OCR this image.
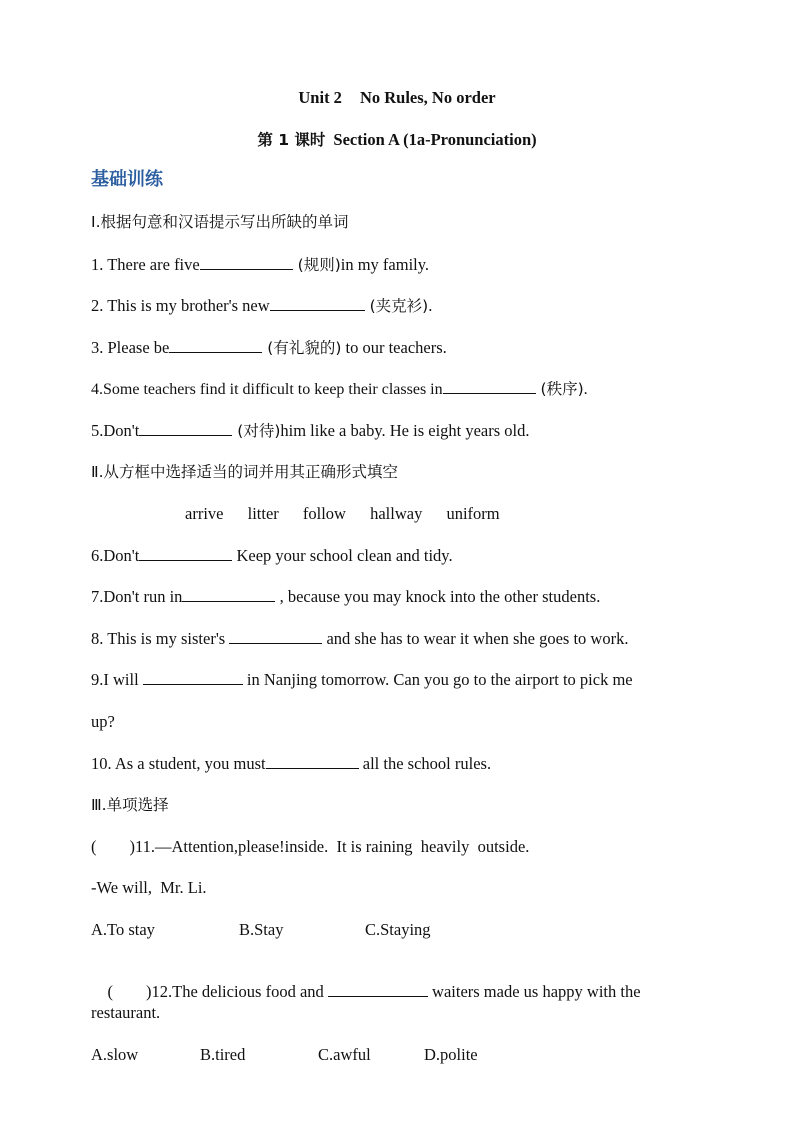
Unit 2 No Rules, No order
第 1 课时 Section A (1a-Pronunciation)
基础训练
I.根据句意和汉语提示写出所缺的单词
1. There are five	(规则)in my family.
2. This is my brother's new	(夹克衫).
3. Please be	(有礼貌的) to our teachers.
4.Some teachers find it difficult to keep their classes in	(秩序).
5.Don't	(对待)him like a baby. He is eight years old.
Ⅱ.从方框中选择适当的词并用其正确形式填空
arrive litter follow hallway uniform
6.Don't	Keep your school clean and tidy.
7.Don't run in	, because you may knock into the other students.
8. This is my sister's	and she has to wear it when she goes to work.
9.I will	in Nanjing tomorrow. Can you go to the airport to pick me
up?
10. As a student, you must	all the school rules.
Ⅲ.单项选择
(        )11.—Attention,please!inside.  It is raining  heavily  outside.
-We will,  Mr. Li.
A.To stay	B.Stay	C.Staying

(        )12.The delicious food and	waiters made us happy with the

restaurant.
A.slow	B.tired	C.awful	D.polite
